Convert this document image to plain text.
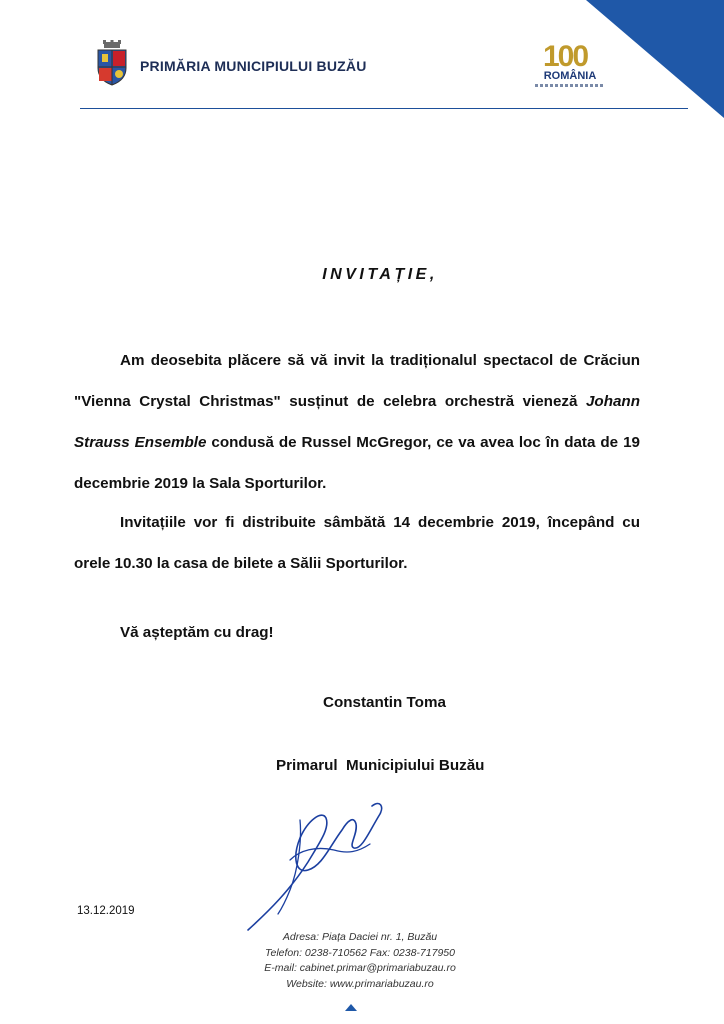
PRIMĂRIA MUNICIPIULUI BUZĂU	100
ROMÂNIA
INVITAȚIE,
Am deosebita plăcere să vă invit la tradiționalul spectacol de Crăciun "Vienna Crystal Christmas" susținut de celebra orchestră vieneză Johann Strauss Ensemble condusă de Russel McGregor, ce va avea loc în data de 19 decembrie 2019 la Sala Sporturilor.
Invitațiile vor fi distribuite sâmbătă 14 decembrie 2019, începând cu orele 10.30 la casa de bilete a Sălii Sporturilor.
Vă așteptăm cu drag!
Constantin Toma
Primarul  Municipiului Buzău
13.12.2019
Adresa: Piața Daciei nr. 1, Buzău
Telefon: 0238-710562 Fax: 0238-717950
E-mail: cabinet.primar@primariabuzau.ro
Website: www.primariabuzau.ro
